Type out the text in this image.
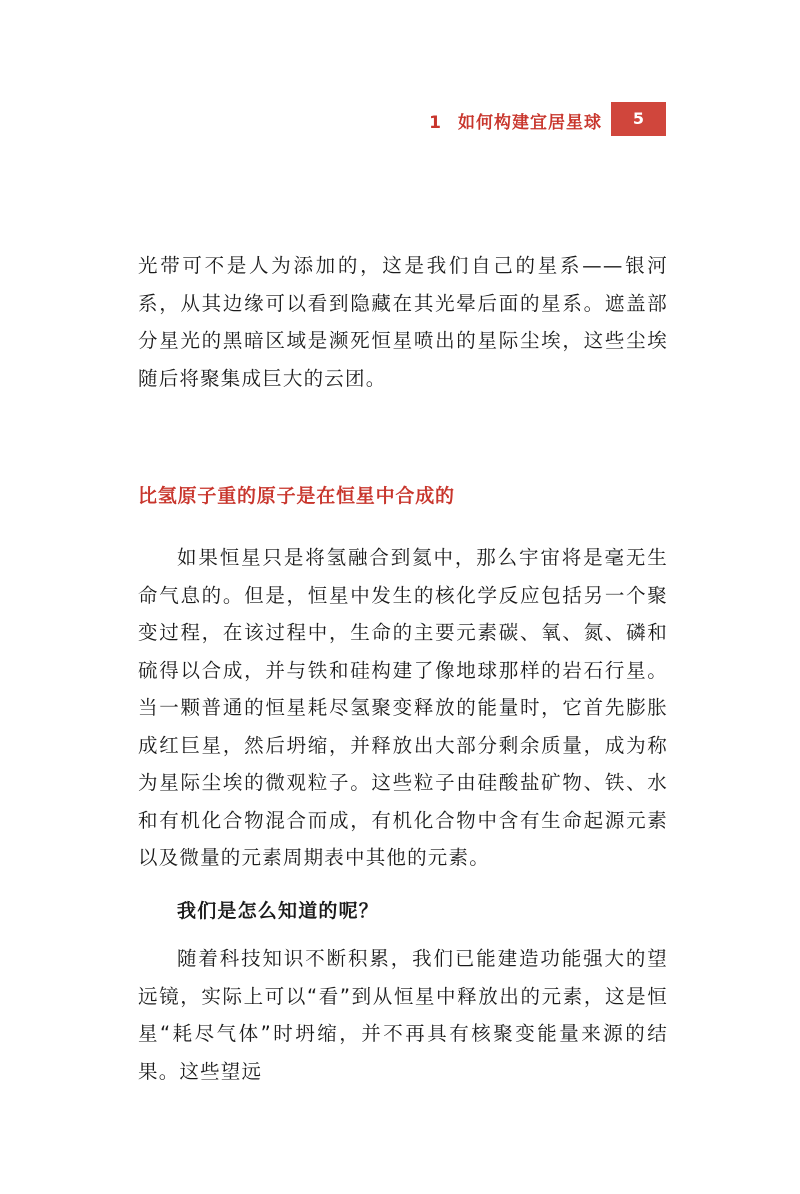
1 如何构建宜居星球	5

光带可不是人为添加的，这是我们自己的星系——银河系，从其边缘可以看到隐藏在其光晕后面的星系。遮盖部分星光的黑暗区域是濒死恒星喷出的星际尘埃，这些尘埃随后将聚集成巨大的云团。

比氢原子重的原子是在恒星中合成的

如果恒星只是将氢融合到氦中，那么宇宙将是毫无生命气息的。但是，恒星中发生的核化学反应包括另一个聚变过程，在该过程中，生命的主要元素碳、氧、氮、磷和硫得以合成，并与铁和硅构建了像地球那样的岩石行星。当一颗普通的恒星耗尽氢聚变释放的能量时，它首先膨胀成红巨星，然后坍缩，并释放出大部分剩余质量，成为称为星际尘埃的微观粒子。这些粒子由硅酸盐矿物、铁、水和有机化合物混合而成，有机化合物中含有生命起源元素以及微量的元素周期表中其他的元素。

我们是怎么知道的呢？

随着科技知识不断积累，我们已能建造功能强大的望远镜，实际上可以“看”到从恒星中释放出的元素，这是恒星“耗尽气体”时坍缩，并不再具有核聚变能量来源的结果。这些望远
